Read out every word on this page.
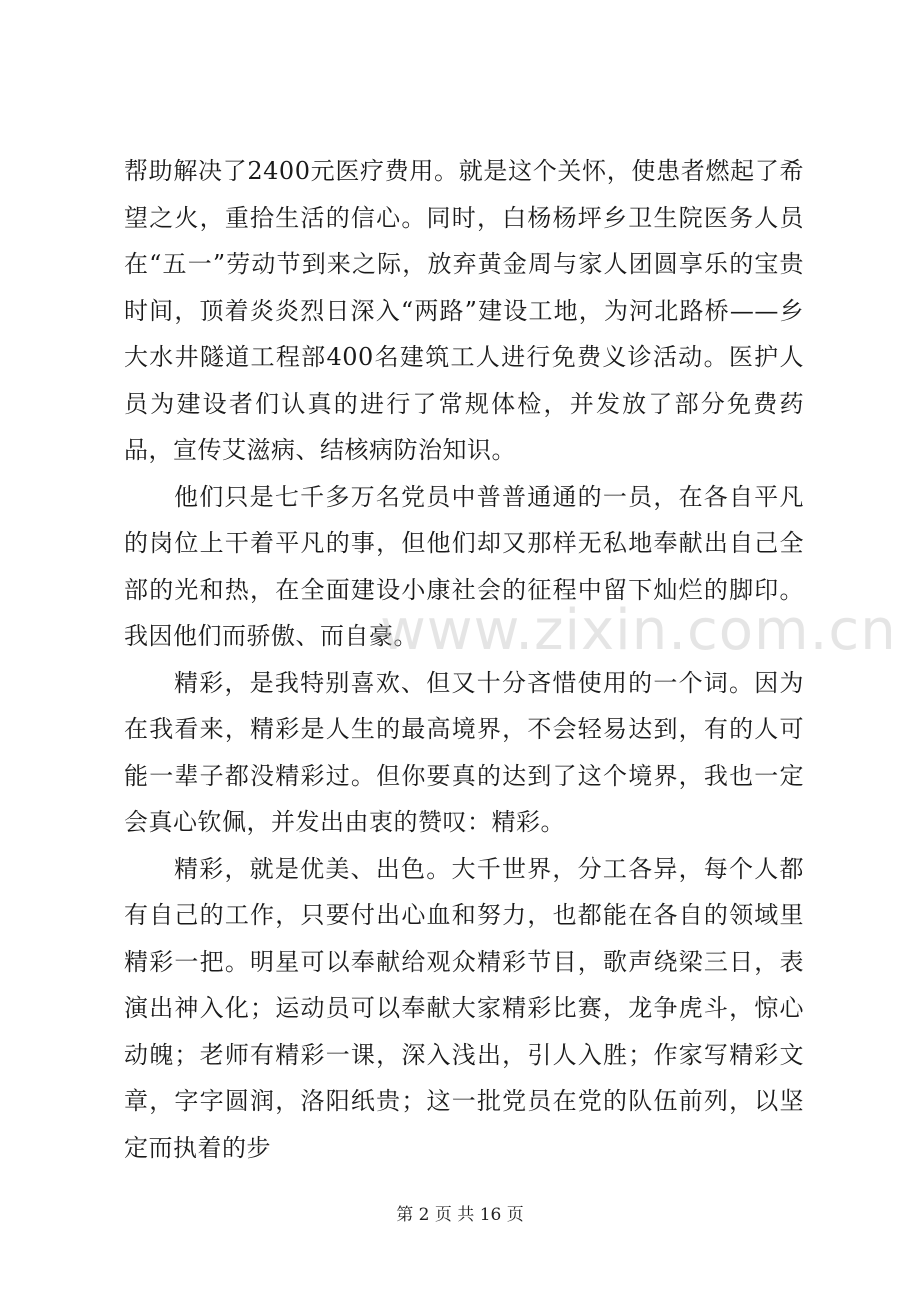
帮助解决了2400元医疗费用。就是这个关怀，使患者燃起了希望之火，重拾生活的信心。同时，白杨杨坪乡卫生院医务人员在“五一”劳动节到来之际，放弃黄金周与家人团圆享乐的宝贵时间，顶着炎炎烈日深入“两路”建设工地，为河北路桥——乡大水井隧道工程部400名建筑工人进行免费义诊活动。医护人员为建设者们认真的进行了常规体检，并发放了部分免费药品，宣传艾滋病、结核病防治知识。

他们只是七千多万名党员中普普通通的一员，在各自平凡的岗位上干着平凡的事，但他们却又那样无私地奉献出自己全部的光和热，在全面建设小康社会的征程中留下灿烂的脚印。我因他们而骄傲、而自豪。

精彩，是我特别喜欢、但又十分吝惜使用的一个词。因为在我看来，精彩是人生的最高境界，不会轻易达到，有的人可能一辈子都没精彩过。但你要真的达到了这个境界，我也一定会真心钦佩，并发出由衷的赞叹：精彩。

精彩，就是优美、出色。大千世界，分工各异，每个人都有自己的工作，只要付出心血和努力，也都能在各自的领域里精彩一把。明星可以奉献给观众精彩节目，歌声绕梁三日，表演出神入化；运动员可以奉献大家精彩比赛，龙争虎斗，惊心动魄；老师有精彩一课，深入浅出，引人入胜；作家写精彩文章，字字圆润，洛阳纸贵；这一批党员在党的队伍前列，以坚定而执着的步

www.zixin.com.cn
第 2 页 共 16 页
